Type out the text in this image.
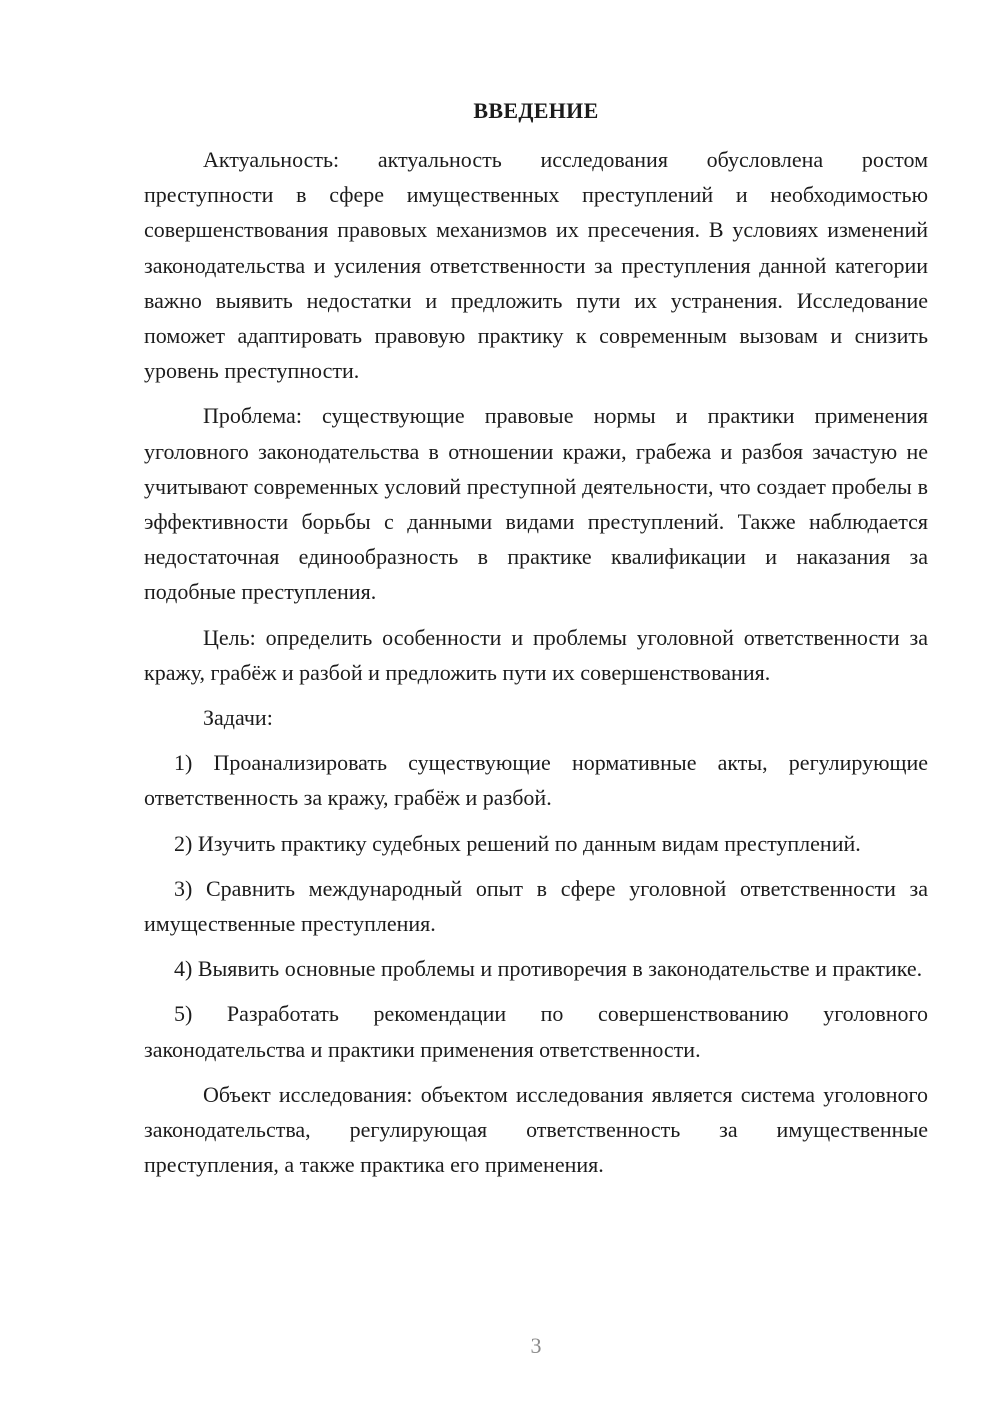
ВВЕДЕНИЕ

Актуальность: актуальность исследования обусловлена ростом преступности в сфере имущественных преступлений и необходимостью совершенствования правовых механизмов их пресечения. В условиях изменений законодательства и усиления ответственности за преступления данной категории важно выявить недостатки и предложить пути их устранения. Исследование поможет адаптировать правовую практику к современным вызовам и снизить уровень преступности.

Проблема: существующие правовые нормы и практики применения уголовного законодательства в отношении кражи, грабежа и разбоя зачастую не учитывают современных условий преступной деятельности, что создает пробелы в эффективности борьбы с данными видами преступлений. Также наблюдается недостаточная единообразность в практике квалификации и наказания за подобные преступления.

Цель: определить особенности и проблемы уголовной ответственности за кражу, грабёж и разбой и предложить пути их совершенствования.

Задачи:

1) Проанализировать существующие нормативные акты, регулирующие ответственность за кражу, грабёж и разбой.

2) Изучить практику судебных решений по данным видам преступлений.

3) Сравнить международный опыт в сфере уголовной ответственности за имущественные преступления.

4) Выявить основные проблемы и противоречия в законодательстве и практике.

5) Разработать рекомендации по совершенствованию уголовного законодательства и практики применения ответственности.

Объект исследования: объектом исследования является система уголовного законодательства, регулирующая ответственность за имущественные преступления, а также практика его применения.

3
